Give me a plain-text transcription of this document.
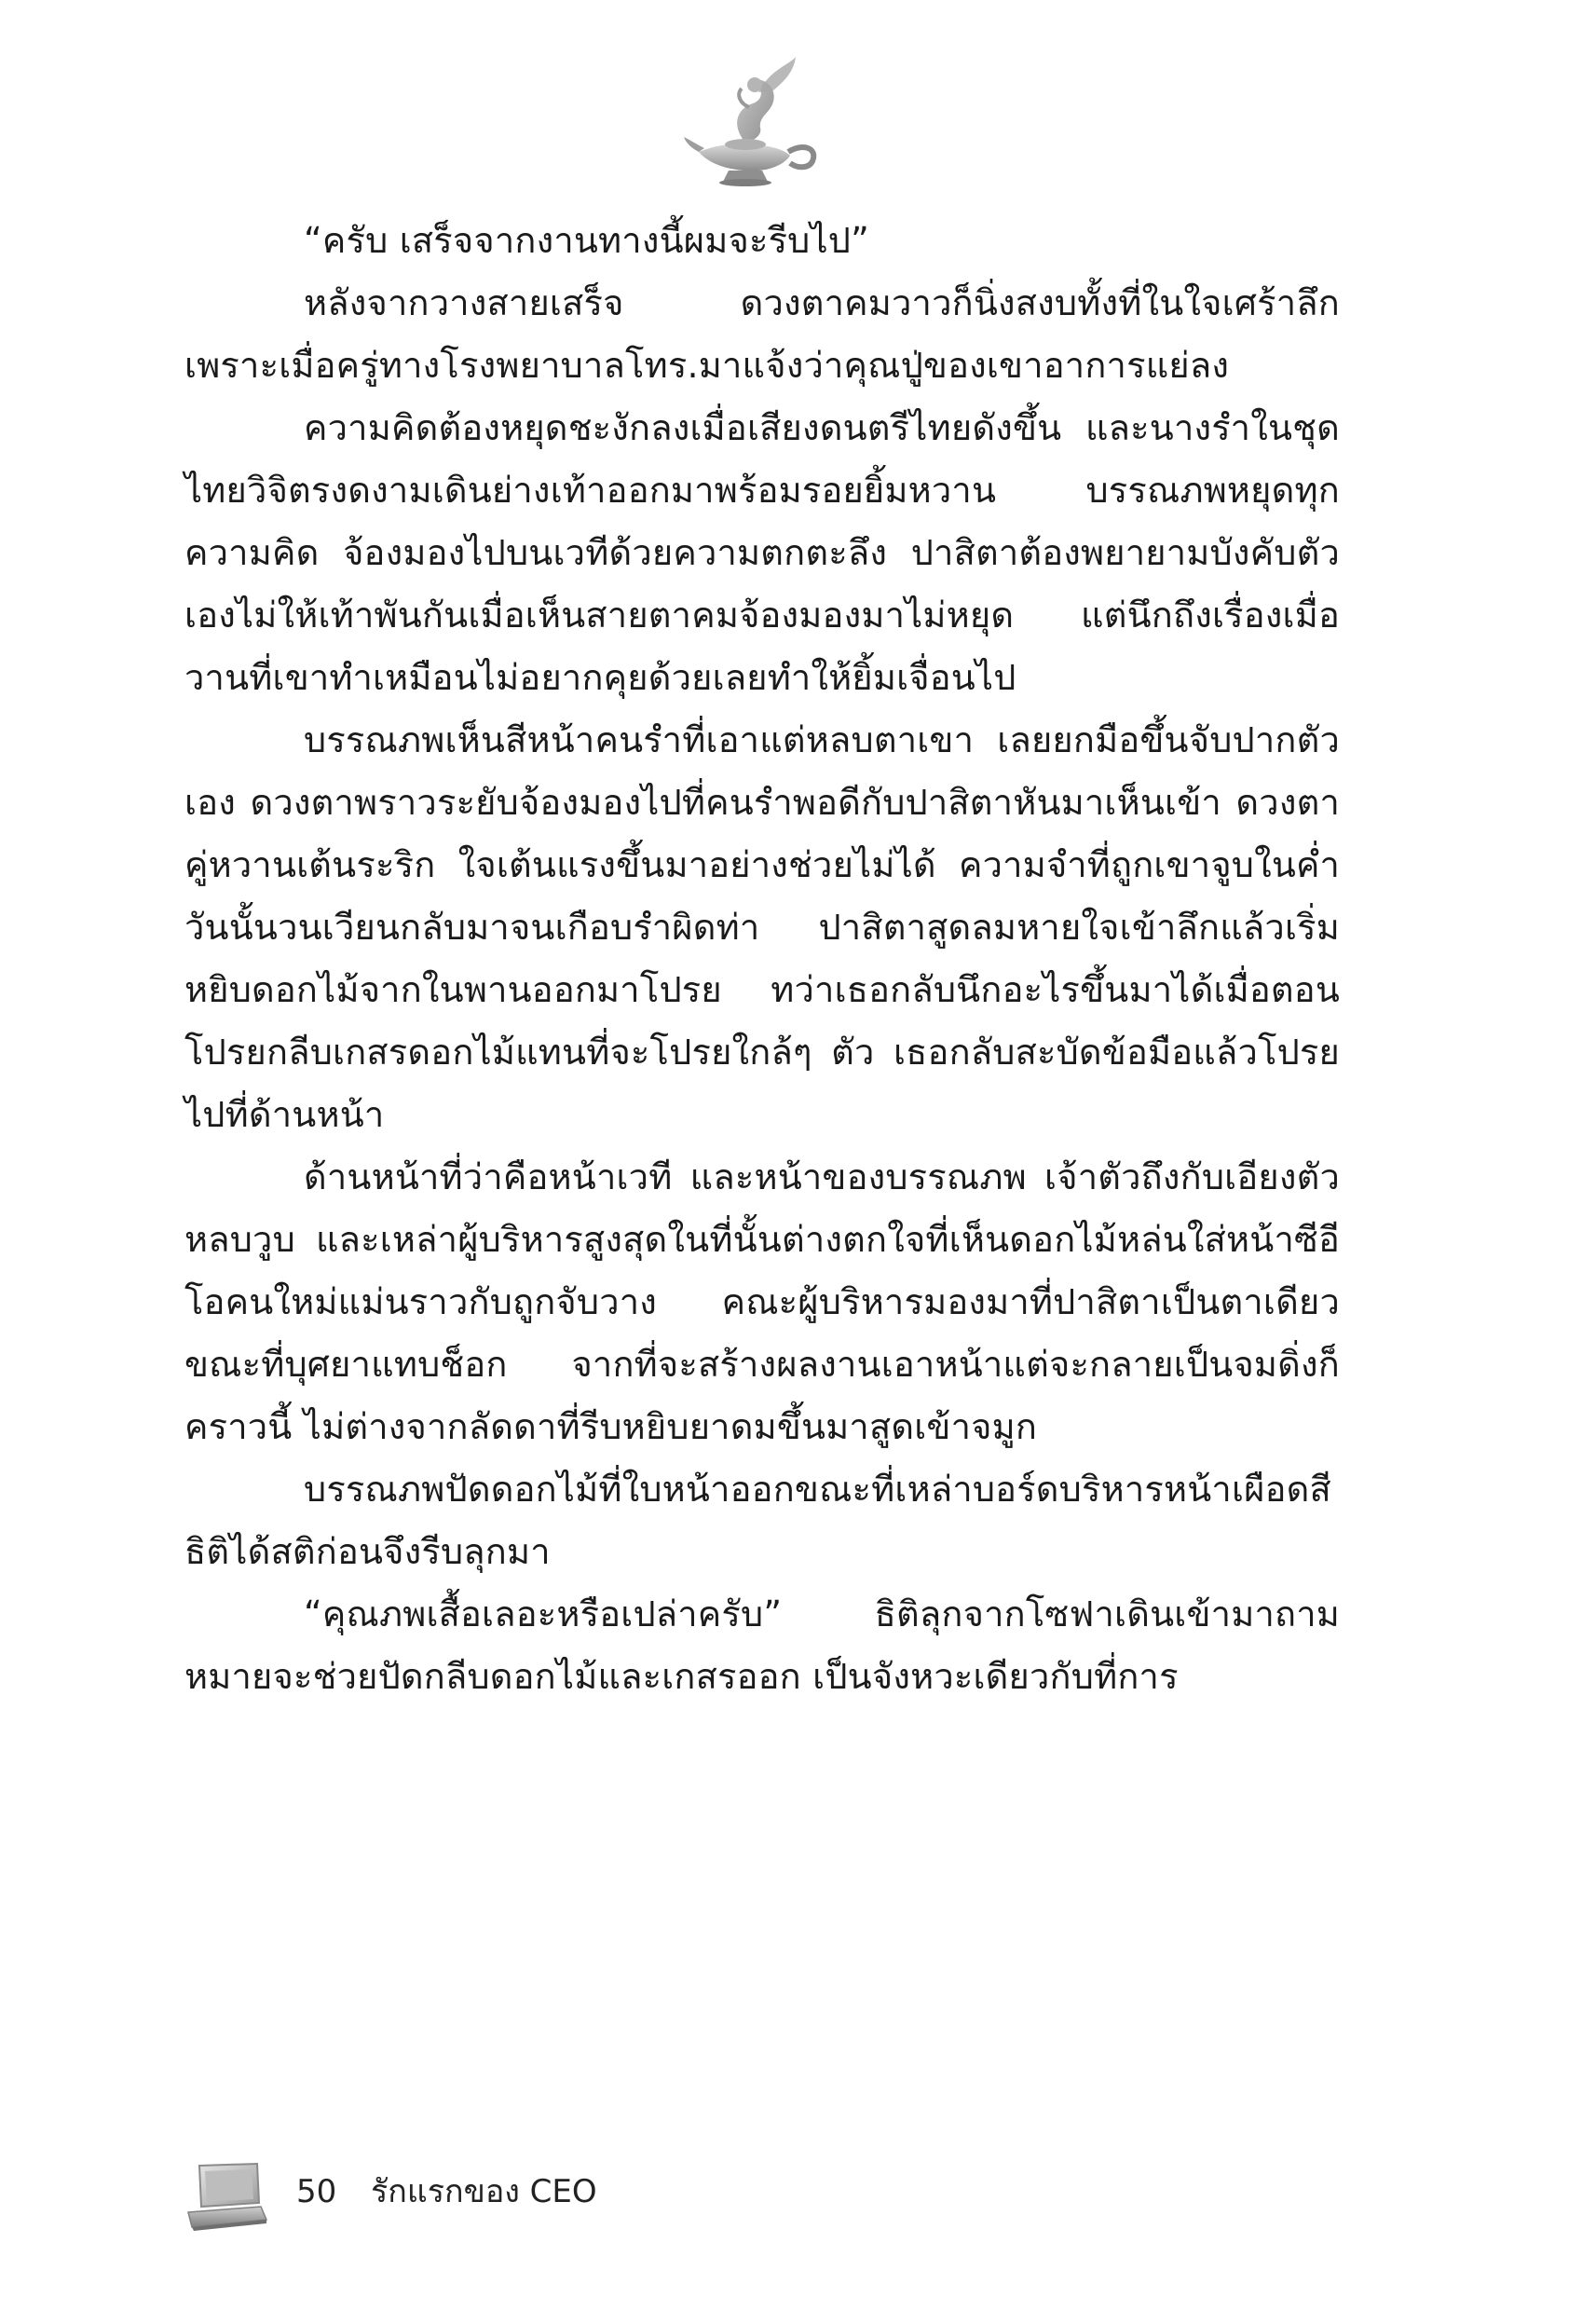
“ครับ เสร็จจากงานทางนี้ผมจะรีบไป”

หลังจากวางสายเสร็จ ดวงตาคมวาวก็นิ่งสงบทั้งที่ในใจเศร้าลึก เพราะเมื่อครู่ทางโรงพยาบาลโทร.มาแจ้งว่าคุณปู่ของเขาอาการแย่ลง

ความคิดต้องหยุดชะงักลงเมื่อเสียงดนตรีไทยดังขึ้น และนางรำในชุดไทยวิจิตรงดงามเดินย่างเท้าออกมาพร้อมรอยยิ้มหวาน บรรณภพหยุดทุกความคิด จ้องมองไปบนเวทีด้วยความตกตะลึง ปาสิตาต้องพยายามบังคับตัวเองไม่ให้เท้าพันกันเมื่อเห็นสายตาคมจ้องมองมาไม่หยุด แต่นึกถึงเรื่องเมื่อวานที่เขาทำเหมือนไม่อยากคุยด้วยเลยทำให้ยิ้มเจื่อนไป

บรรณภพเห็นสีหน้าคนรำที่เอาแต่หลบตาเขา เลยยกมือขึ้นจับปากตัวเอง ดวงตาพราวระยับจ้องมองไปที่คนรำพอดีกับปาสิตาหันมาเห็นเข้า ดวงตาคู่หวานเต้นระริก ใจเต้นแรงขึ้นมาอย่างช่วยไม่ได้ ความจำที่ถูกเขาจูบในค่ำวันนั้นวนเวียนกลับมาจนเกือบรำผิดท่า ปาสิตาสูดลมหายใจเข้าลึกแล้วเริ่มหยิบดอกไม้จากในพานออกมาโปรย ทว่าเธอกลับนึกอะไรขึ้นมาได้เมื่อตอนโปรยกลีบเกสรดอกไม้แทนที่จะโปรยใกล้ๆ ตัว เธอกลับสะบัดข้อมือแล้วโปรยไปที่ด้านหน้า

ด้านหน้าที่ว่าคือหน้าเวที และหน้าของบรรณภพ เจ้าตัวถึงกับเอียงตัวหลบวูบ และเหล่าผู้บริหารสูงสุดในที่นั้นต่างตกใจที่เห็นดอกไม้หล่นใส่หน้าซีอีโอคนใหม่แม่นราวกับถูกจับวาง คณะผู้บริหารมองมาที่ปาสิตาเป็นตาเดียว ขณะที่บุศยาแทบช็อก จากที่จะสร้างผลงานเอาหน้าแต่จะกลายเป็นจมดิ่งก็คราวนี้ ไม่ต่างจากลัดดาที่รีบหยิบยาดมขึ้นมาสูดเข้าจมูก

บรรณภพปัดดอกไม้ที่ใบหน้าออกขณะที่เหล่าบอร์ดบริหารหน้าเผือดสี ธิติได้สติก่อนจึงรีบลุกมา

“คุณภพเสื้อเลอะหรือเปล่าครับ” ธิติลุกจากโซฟาเดินเข้ามาถามหมายจะช่วยปัดกลีบดอกไม้และเกสรออก เป็นจังหวะเดียวกับที่การ

50 รักแรกของ CEO
